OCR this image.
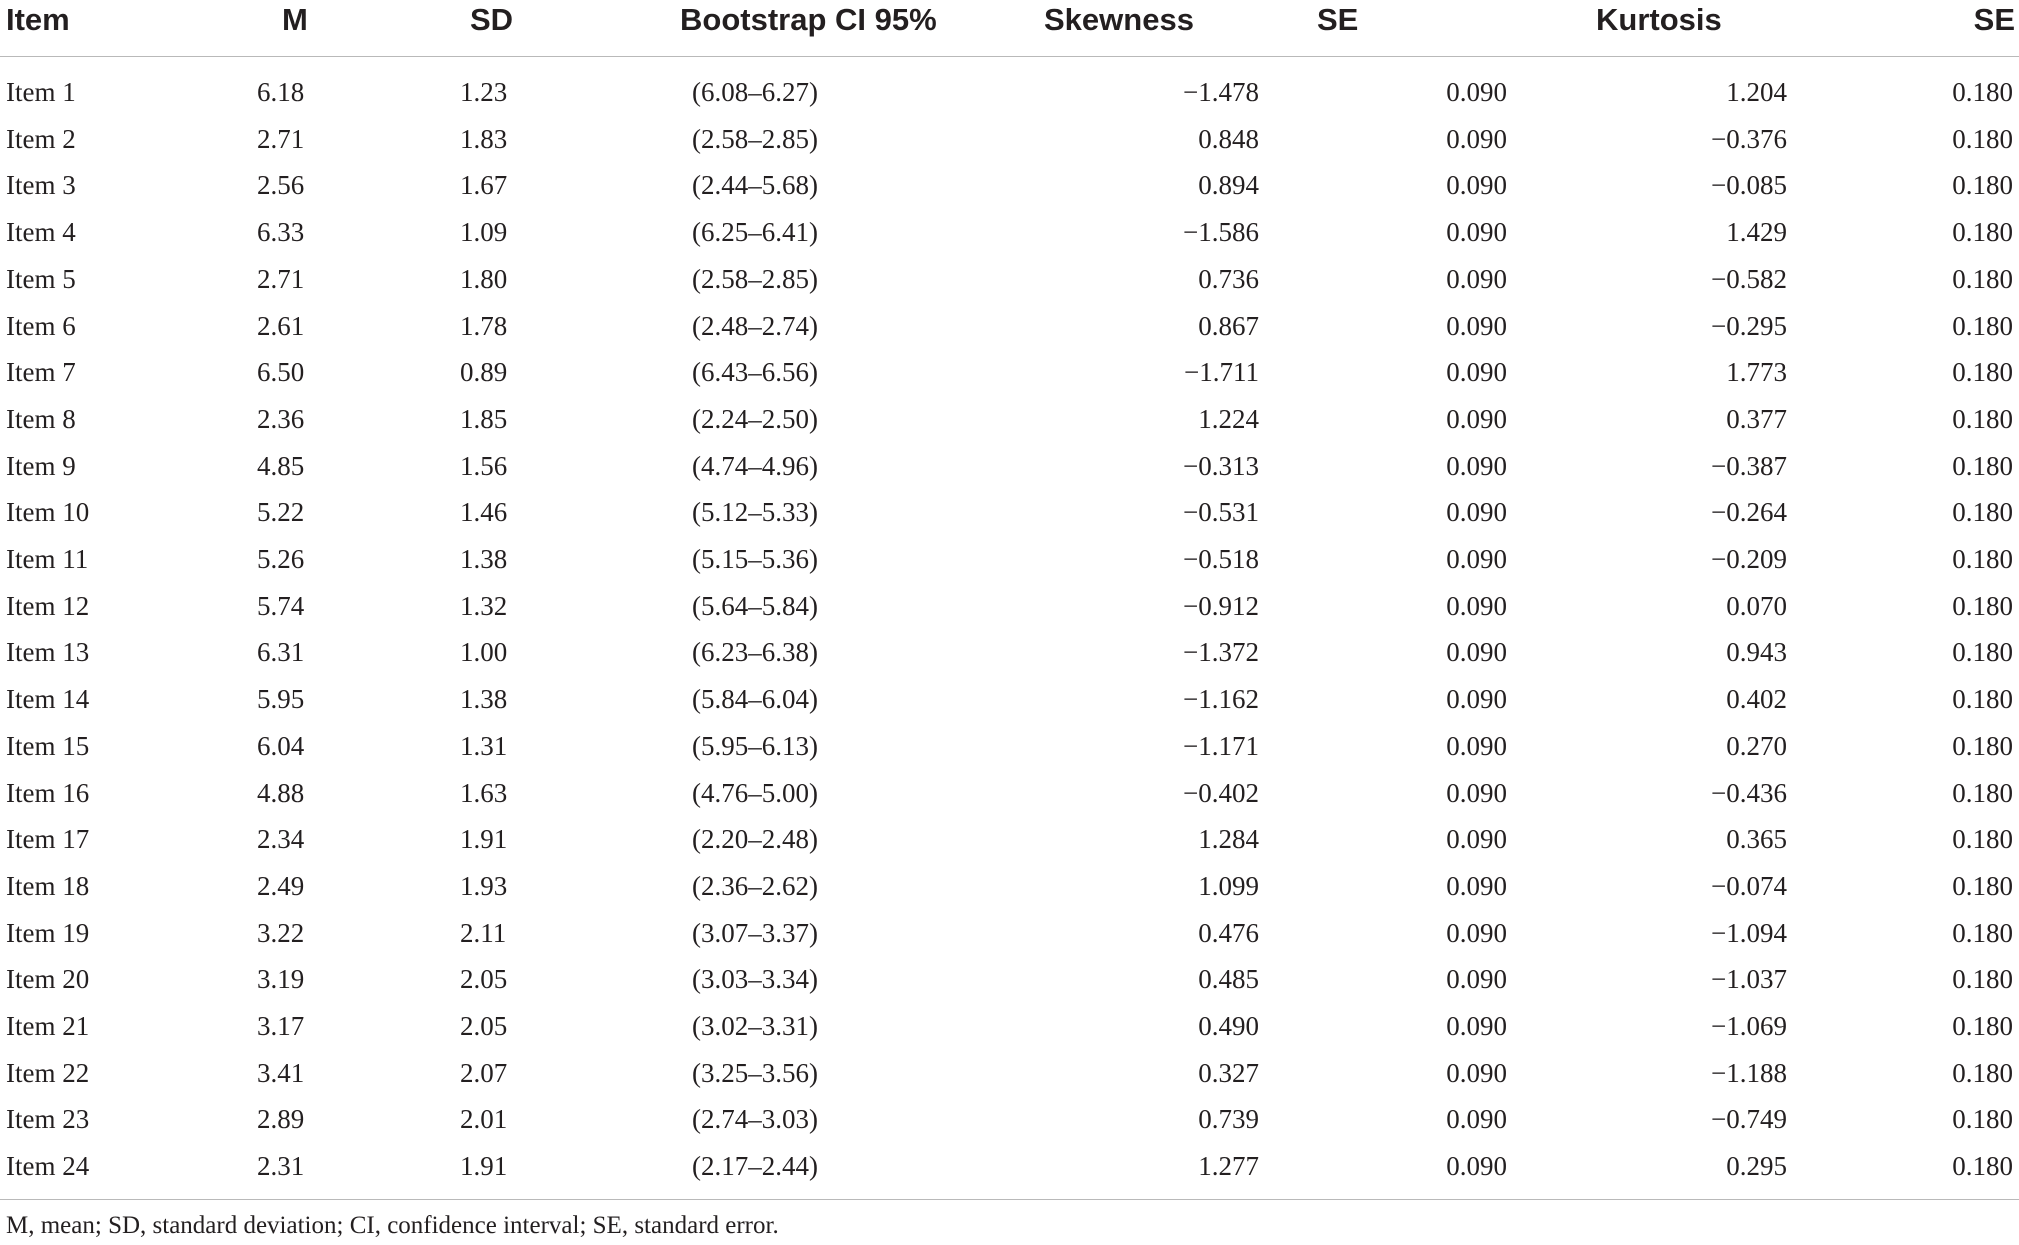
Item	M	SD	Bootstrap CI 95%	Skewness	SE	Kurtosis	SE
Item 1	6.18	1.23	(6.08–6.27)	−1.478	0.090	1.204	0.180
Item 2	2.71	1.83	(2.58–2.85)	0.848	0.090	−0.376	0.180
Item 3	2.56	1.67	(2.44–5.68)	0.894	0.090	−0.085	0.180
Item 4	6.33	1.09	(6.25–6.41)	−1.586	0.090	1.429	0.180
Item 5	2.71	1.80	(2.58–2.85)	0.736	0.090	−0.582	0.180
Item 6	2.61	1.78	(2.48–2.74)	0.867	0.090	−0.295	0.180
Item 7	6.50	0.89	(6.43–6.56)	−1.711	0.090	1.773	0.180
Item 8	2.36	1.85	(2.24–2.50)	1.224	0.090	0.377	0.180
Item 9	4.85	1.56	(4.74–4.96)	−0.313	0.090	−0.387	0.180
Item 10	5.22	1.46	(5.12–5.33)	−0.531	0.090	−0.264	0.180
Item 11	5.26	1.38	(5.15–5.36)	−0.518	0.090	−0.209	0.180
Item 12	5.74	1.32	(5.64–5.84)	−0.912	0.090	0.070	0.180
Item 13	6.31	1.00	(6.23–6.38)	−1.372	0.090	0.943	0.180
Item 14	5.95	1.38	(5.84–6.04)	−1.162	0.090	0.402	0.180
Item 15	6.04	1.31	(5.95–6.13)	−1.171	0.090	0.270	0.180
Item 16	4.88	1.63	(4.76–5.00)	−0.402	0.090	−0.436	0.180
Item 17	2.34	1.91	(2.20–2.48)	1.284	0.090	0.365	0.180
Item 18	2.49	1.93	(2.36–2.62)	1.099	0.090	−0.074	0.180
Item 19	3.22	2.11	(3.07–3.37)	0.476	0.090	−1.094	0.180
Item 20	3.19	2.05	(3.03–3.34)	0.485	0.090	−1.037	0.180
Item 21	3.17	2.05	(3.02–3.31)	0.490	0.090	−1.069	0.180
Item 22	3.41	2.07	(3.25–3.56)	0.327	0.090	−1.188	0.180
Item 23	2.89	2.01	(2.74–3.03)	0.739	0.090	−0.749	0.180
Item 24	2.31	1.91	(2.17–2.44)	1.277	0.090	0.295	0.180
M, mean; SD, standard deviation; CI, confidence interval; SE, standard error.
